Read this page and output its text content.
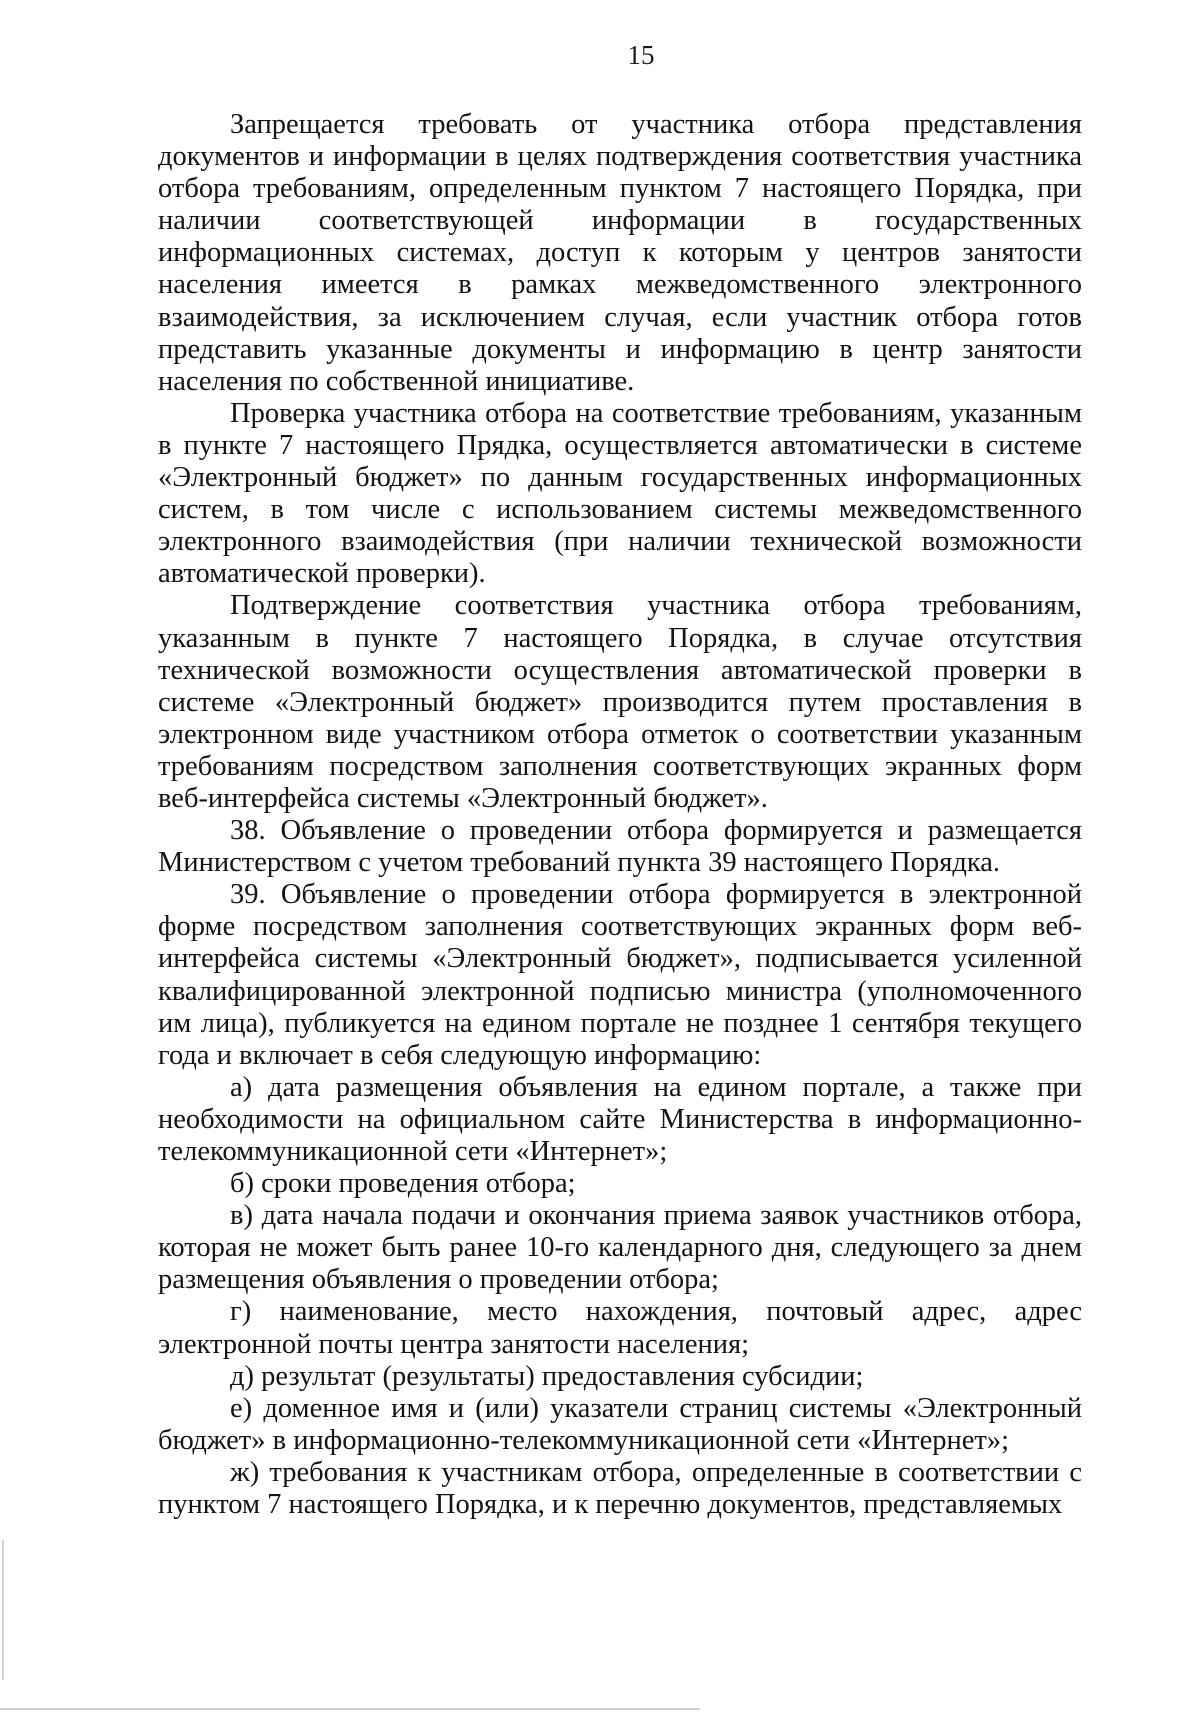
15

Запрещается требовать от участника отбора представления документов и информации в целях подтверждения соответствия участника отбора требованиям, определенным пунктом 7 настоящего Порядка, при наличии соответствующей информации в государственных информационных системах, доступ к которым у центров занятости населения имеется в рамках межведомственного электронного взаимодействия, за исключением случая, если участник отбора готов представить указанные документы и информацию в центр занятости населения по собственной инициативе.

Проверка участника отбора на соответствие требованиям, указанным в пункте 7 настоящего Прядка, осуществляется автоматически в системе «Электронный бюджет» по данным государственных информационных систем, в том числе с использованием системы межведомственного электронного взаимодействия (при наличии технической возможности автоматической проверки).

Подтверждение соответствия участника отбора требованиям, указанным в пункте 7 настоящего Порядка, в случае отсутствия технической возможности осуществления автоматической проверки в системе «Электронный бюджет» производится путем проставления в электронном виде участником отбора отметок о соответствии указанным требованиям посредством заполнения соответствующих экранных форм веб-интерфейса системы «Электронный бюджет».

38. Объявление о проведении отбора формируется и размещается Министерством с учетом требований пункта 39 настоящего Порядка.

39. Объявление о проведении отбора формируется в электронной форме посредством заполнения соответствующих экранных форм веб-интерфейса системы «Электронный бюджет», подписывается усиленной квалифицированной электронной подписью министра (уполномоченного им лица), публикуется на едином портале не позднее 1 сентября текущего года и включает в себя следующую информацию:

а) дата размещения объявления на едином портале, а также при необходимости на официальном сайте Министерства в информационно-телекоммуникационной сети «Интернет»;

б) сроки проведения отбора;

в) дата начала подачи и окончания приема заявок участников отбора, которая не может быть ранее 10-го календарного дня, следующего за днем размещения объявления о проведении отбора;

г) наименование, место нахождения, почтовый адрес, адрес электронной почты центра занятости населения;

д) результат (результаты) предоставления субсидии;

е) доменное имя и (или) указатели страниц системы «Электронный бюджет» в информационно-телекоммуникационной сети «Интернет»;

ж) требования к участникам отбора, определенные в соответствии с пунктом 7 настоящего Порядка, и к перечню документов, представляемых
